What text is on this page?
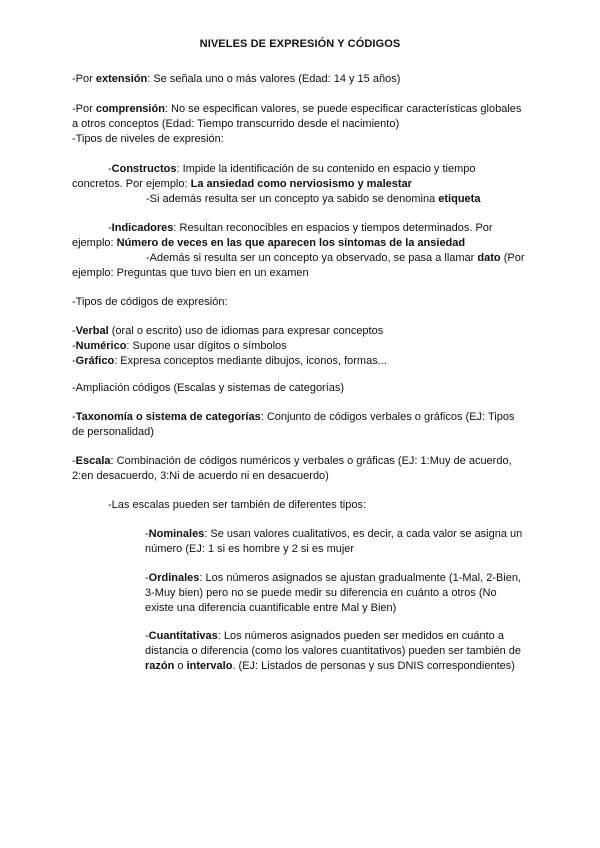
NIVELES DE EXPRESIÓN Y CÓDIGOS
-Por extensión: Se señala uno o más valores (Edad: 14 y 15 años)
-Por comprensión: No se especifican valores, se puede especificar características globales
a otros conceptos (Edad: Tiempo transcurrido desde el nacimiento)
-Tipos de niveles de expresión:
-Constructos: Impide la identificación de su contenido en espacio y tiempo
concretos. Por ejemplo: La ansiedad como nerviosismo y malestar
-Si además resulta ser un concepto ya sabido se denomina etiqueta
-Indicadores: Resultan reconocibles en espacios y tiempos determinados. Por
ejemplo: Número de veces en las que aparecen los síntomas de la ansiedad
-Además si resulta ser un concepto ya observado, se pasa a llamar dato (Por
ejemplo: Preguntas que tuvo bien en un examen
-Tipos de códigos de expresión:
-Verbal (oral o escrito) uso de idiomas para expresar conceptos
-Numérico: Supone usar dígitos o símbolos
-Gráfico: Expresa conceptos mediante dibujos, iconos, formas...
-Ampliación códigos (Escalas y sistemas de categorías)
-Taxonomía o sistema de categorías: Conjunto de códigos verbales o gráficos (EJ: Tipos
de personalidad)
-Escala: Combinación de códigos numéricos y verbales o gráficas (EJ: 1:Muy de acuerdo,
2:en desacuerdo, 3:Ni de acuerdo ni en desacuerdo)
-Las escalas pueden ser también de diferentes tipos:
-Nominales: Se usan valores cualitativos, es decir, a cada valor se asigna un
número (EJ: 1 si es hombre y 2 si es mujer
-Ordinales: Los números asignados se ajustan gradualmente (1-Mal, 2-Bien,
3-Muy bien) pero no se puede medir su diferencia en cuánto a otros (No
existe una diferencia cuantificable entre Mal y Bien)
-Cuantitativas: Los números asignados pueden ser medidos en cuánto a
distancia o diferencia (como los valores cuantitativos) pueden ser también de
razón o intervalo. (EJ: Listados de personas y sus DNIS correspondientes)
